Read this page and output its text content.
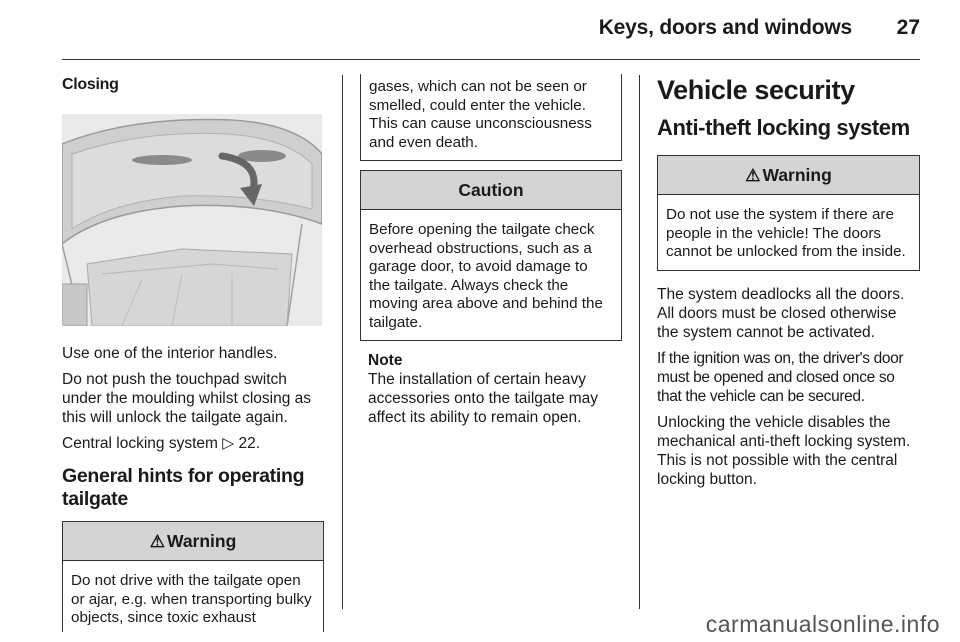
Keys, doors and windows 27
Closing

Use one of the interior handles.

Do not push the touchpad switch under the moulding whilst closing as this will unlock the tailgate again.

Central locking system ▷ 22.

General hints for operating tailgate
⚠ Warning

Do not drive with the tailgate open or ajar, e.g. when transporting bulky objects, since toxic exhaust

gases, which can not be seen or smelled, could enter the vehicle. This can cause unconsciousness and even death.

Caution

Before opening the tailgate check overhead obstructions, such as a garage door, to avoid damage to the tailgate. Always check the moving area above and behind the tailgate.

Note

The installation of certain heavy accessories onto the tailgate may affect its ability to remain open.

Vehicle security
Anti-theft locking system
⚠ Warning

Do not use the system if there are people in the vehicle! The doors cannot be unlocked from the inside.

The system deadlocks all the doors. All doors must be closed otherwise the system cannot be activated.

If the ignition was on, the driver's door must be opened and closed once so that the vehicle can be secured.

Unlocking the vehicle disables the mechanical anti-theft locking system. This is not possible with the central locking button.

carmanualsonline.info
